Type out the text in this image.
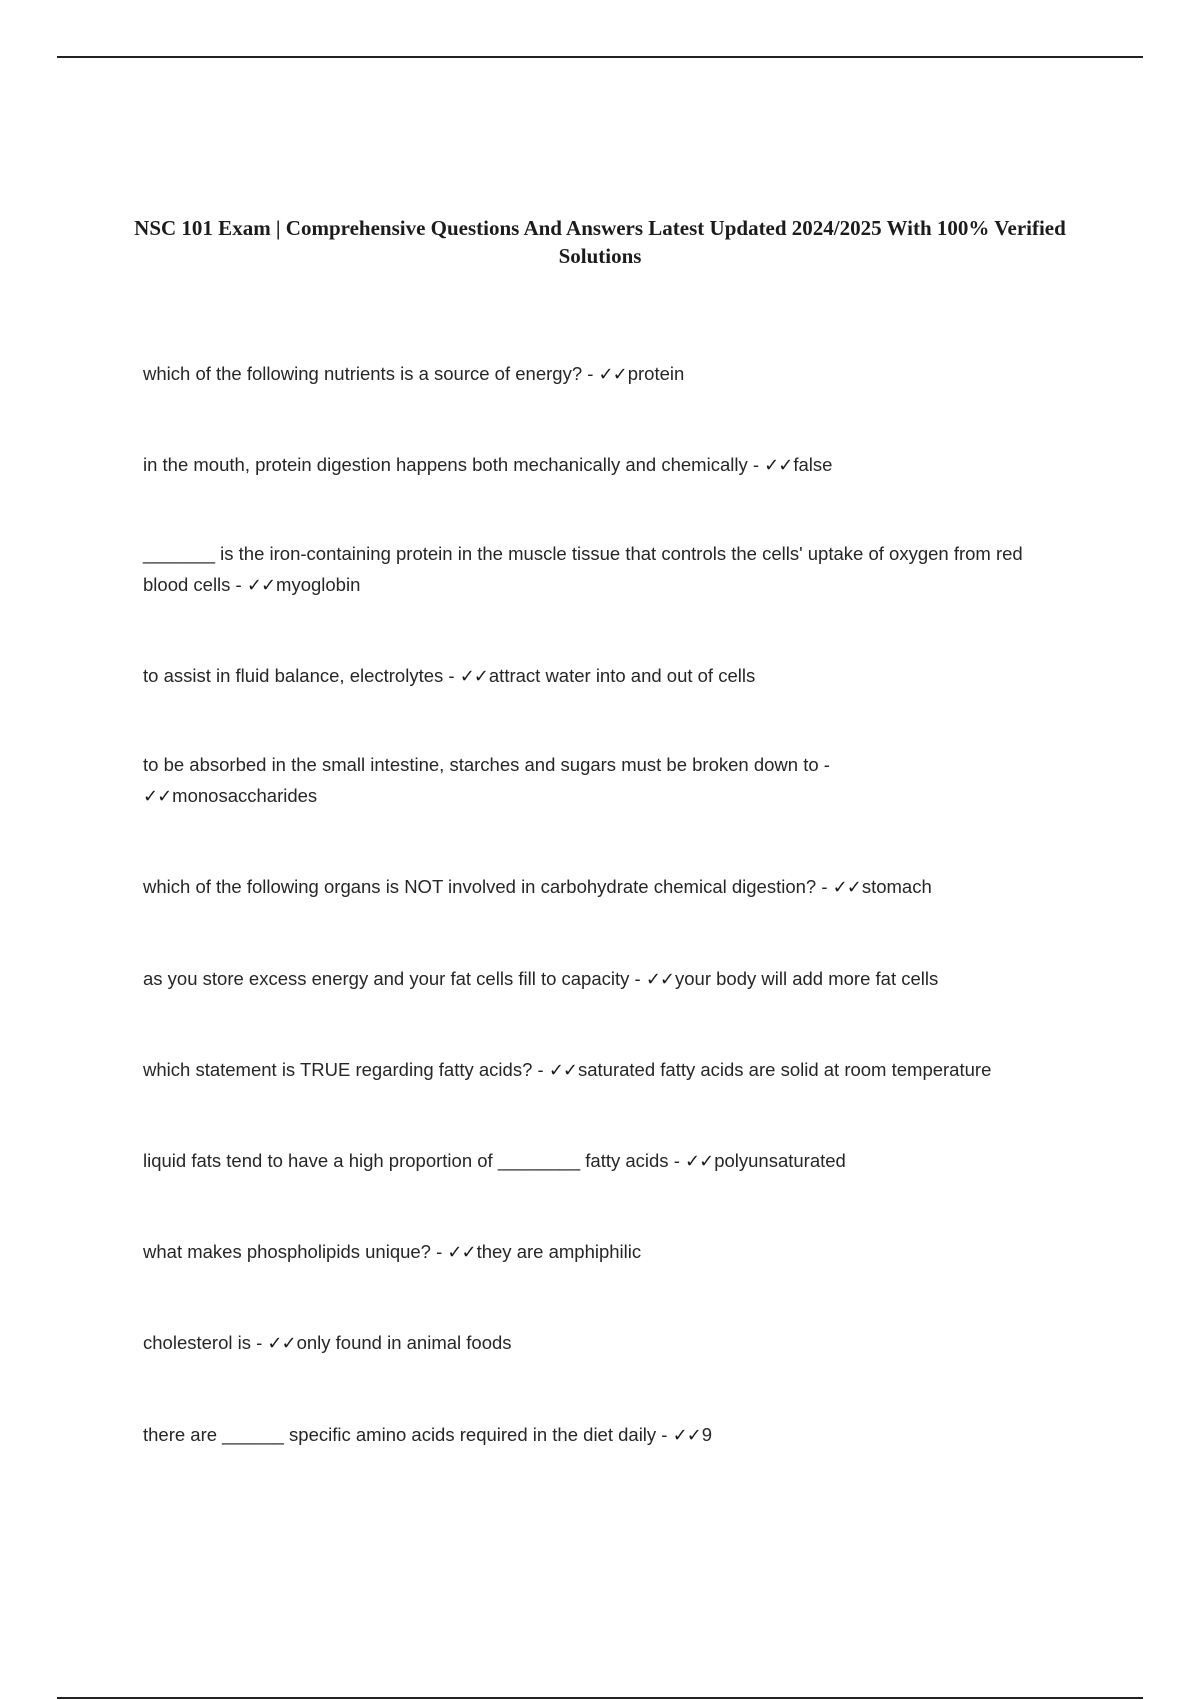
NSC 101 Exam | Comprehensive Questions And Answers Latest Updated 2024/2025 With 100% Verified Solutions

which of the following nutrients is a source of energy? - ✓✓protein

in the mouth, protein digestion happens both mechanically and chemically - ✓✓false

_______ is the iron-containing protein in the muscle tissue that controls the cells' uptake of oxygen from red blood cells - ✓✓myoglobin

to assist in fluid balance, electrolytes - ✓✓attract water into and out of cells

to be absorbed in the small intestine, starches and sugars must be broken down to -
✓✓monosaccharides

which of the following organs is NOT involved in carbohydrate chemical digestion? - ✓✓stomach

as you store excess energy and your fat cells fill to capacity - ✓✓your body will add more fat cells

which statement is TRUE regarding fatty acids? - ✓✓saturated fatty acids are solid at room temperature

liquid fats tend to have a high proportion of ________ fatty acids - ✓✓polyunsaturated

what makes phospholipids unique? - ✓✓they are amphiphilic

cholesterol is - ✓✓only found in animal foods

there are ______ specific amino acids required in the diet daily - ✓✓9
